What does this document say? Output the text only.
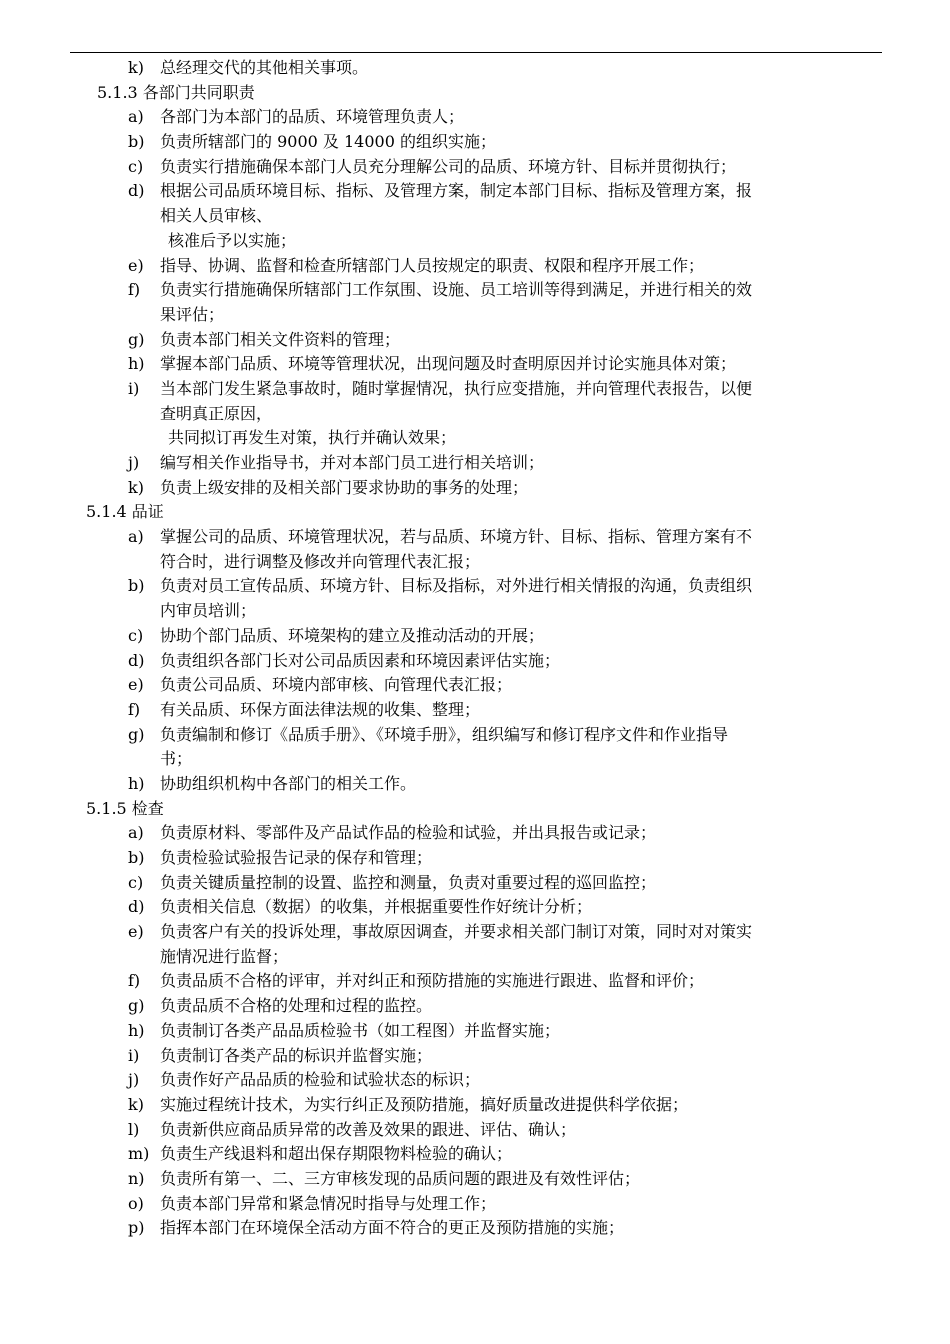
k) 总经理交代的其他相关事项。
5.1.3 各部门共同职责
a) 各部门为本部门的品质、环境管理负责人；
b) 负责所辖部门的 9000 及 14000 的组织实施；
c) 负责实行措施确保本部门人员充分理解公司的品质、环境方针、目标并贯彻执行；
d) 根据公司品质环境目标、指标、及管理方案，制定本部门目标、指标及管理方案，报
相关人员审核、
核准后予以实施；
e) 指导、协调、监督和检查所辖部门人员按规定的职责、权限和程序开展工作；
f) 负责实行措施确保所辖部门工作氛围、设施、员工培训等得到满足，并进行相关的效
果评估；
g) 负责本部门相关文件资料的管理；
h) 掌握本部门品质、环境等管理状况，出现问题及时查明原因并讨论实施具体对策；
i) 当本部门发生紧急事故时，随时掌握情况，执行应变措施，并向管理代表报告，以便
查明真正原因，
共同拟订再发生对策，执行并确认效果；
j) 编写相关作业指导书，并对本部门员工进行相关培训；
k) 负责上级安排的及相关部门要求协助的事务的处理；
5.1.4 品证
a) 掌握公司的品质、环境管理状况，若与品质、环境方针、目标、指标、管理方案有不
符合时，进行调整及修改并向管理代表汇报；
b) 负责对员工宣传品质、环境方针、目标及指标，对外进行相关情报的沟通，负责组织
内审员培训；
c) 协助个部门品质、环境架构的建立及推动活动的开展；
d) 负责组织各部门长对公司品质因素和环境因素评估实施；
e) 负责公司品质、环境内部审核、向管理代表汇报；
f) 有关品质、环保方面法律法规的收集、整理；
g) 负责编制和修订《品质手册》、《环境手册》，组织编写和修订程序文件和作业指导
书；
h) 协助组织机构中各部门的相关工作。
5.1.5 检查
a) 负责原材料、零部件及产品试作品的检验和试验，并出具报告或记录；
b) 负责检验试验报告记录的保存和管理；
c) 负责关键质量控制的设置、监控和测量，负责对重要过程的巡回监控；
d) 负责相关信息（数据）的收集，并根据重要性作好统计分析；
e) 负责客户有关的投诉处理，事故原因调查，并要求相关部门制订对策，同时对对策实
施情况进行监督；
f) 负责品质不合格的评审，并对纠正和预防措施的实施进行跟进、监督和评价；
g) 负责品质不合格的处理和过程的监控。
h) 负责制订各类产品品质检验书（如工程图）并监督实施；
i) 负责制订各类产品的标识并监督实施；
j) 负责作好产品品质的检验和试验状态的标识；
k) 实施过程统计技术，为实行纠正及预防措施，搞好质量改进提供科学依据；
l) 负责新供应商品质异常的改善及效果的跟进、评估、确认；
m) 负责生产线退料和超出保存期限物料检验的确认；
n) 负责所有第一、二、三方审核发现的品质问题的跟进及有效性评估；
o) 负责本部门异常和紧急情况时指导与处理工作；
p) 指挥本部门在环境保全活动方面不符合的更正及预防措施的实施；
